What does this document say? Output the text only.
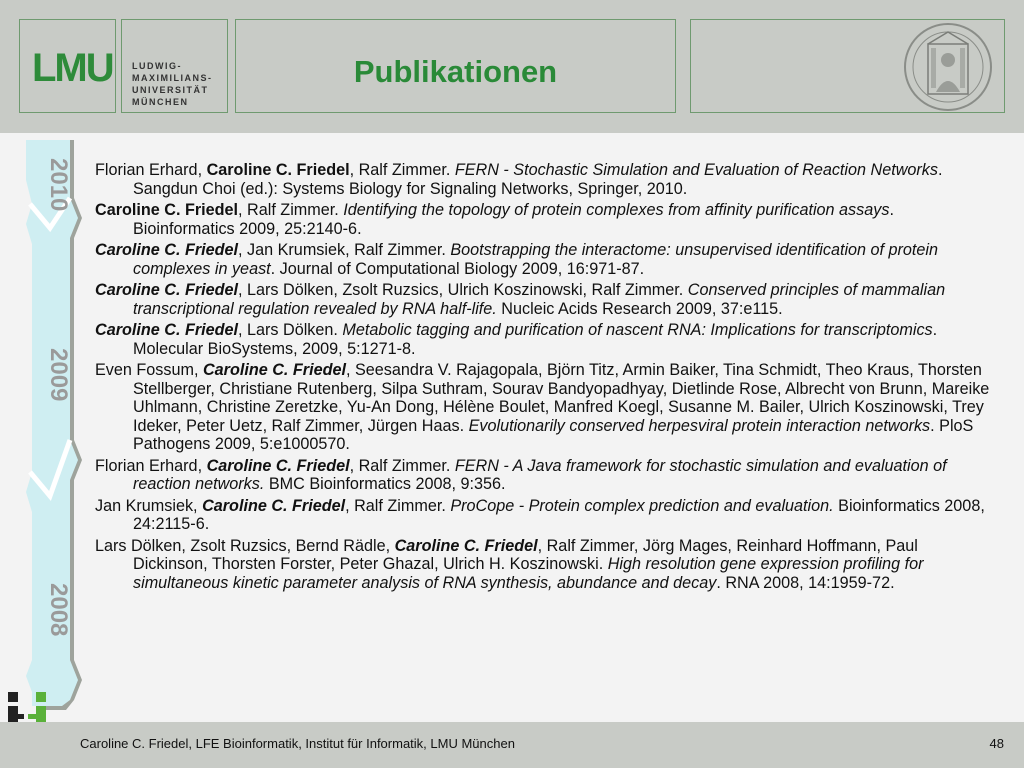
LMU LUDWIG-
MAXIMILIANS-
UNIVERSITÄT
MÜNCHEN
Publikationen
2010
2009
2008
Florian Erhard, Caroline C. Friedel, Ralf Zimmer. FERN - Stochastic Simulation and Evaluation of Reaction Networks. Sangdun Choi (ed.): Systems Biology for Signaling Networks, Springer, 2010.
Caroline C. Friedel, Ralf Zimmer. Identifying the topology of protein complexes from affinity purification assays. Bioinformatics 2009, 25:2140-6.
Caroline C. Friedel, Jan Krumsiek, Ralf Zimmer. Bootstrapping the interactome: unsupervised identification of protein complexes in yeast. Journal of Computational Biology 2009, 16:971-87.
Caroline C. Friedel, Lars Dölken, Zsolt Ruzsics, Ulrich Koszinowski, Ralf Zimmer. Conserved principles of mammalian transcriptional regulation revealed by RNA half-life. Nucleic Acids Research 2009, 37:e115.
Caroline C. Friedel, Lars Dölken. Metabolic tagging and purification of nascent RNA: Implications for transcriptomics. Molecular BioSystems, 2009, 5:1271-8.
Even Fossum, Caroline C. Friedel, Seesandra V. Rajagopala, Björn Titz, Armin Baiker, Tina Schmidt, Theo Kraus, Thorsten Stellberger, Christiane Rutenberg, Silpa Suthram, Sourav Bandyopadhyay, Dietlinde Rose, Albrecht von Brunn, Mareike Uhlmann, Christine Zeretzke, Yu-An Dong, Hélène Boulet, Manfred Koegl, Susanne M. Bailer, Ulrich Koszinowski, Trey Ideker, Peter Uetz, Ralf Zimmer, Jürgen Haas. Evolutionarily conserved herpesviral protein interaction networks. PloS Pathogens 2009, 5:e1000570.
Florian Erhard, Caroline C. Friedel, Ralf Zimmer. FERN - A Java framework for stochastic simulation and evaluation of reaction networks. BMC Bioinformatics 2008, 9:356.
Jan Krumsiek, Caroline C. Friedel, Ralf Zimmer. ProCope - Protein complex prediction and evaluation. Bioinformatics 2008, 24:2115-6.
Lars Dölken, Zsolt Ruzsics, Bernd Rädle, Caroline C. Friedel, Ralf Zimmer, Jörg Mages, Reinhard Hoffmann, Paul Dickinson, Thorsten Forster, Peter Ghazal, Ulrich H. Koszinowski. High resolution gene expression profiling for simultaneous kinetic parameter analysis of RNA synthesis, abundance and decay. RNA 2008, 14:1959-72.
Caroline C. Friedel, LFE Bioinformatik, Institut für Informatik, LMU München	48
